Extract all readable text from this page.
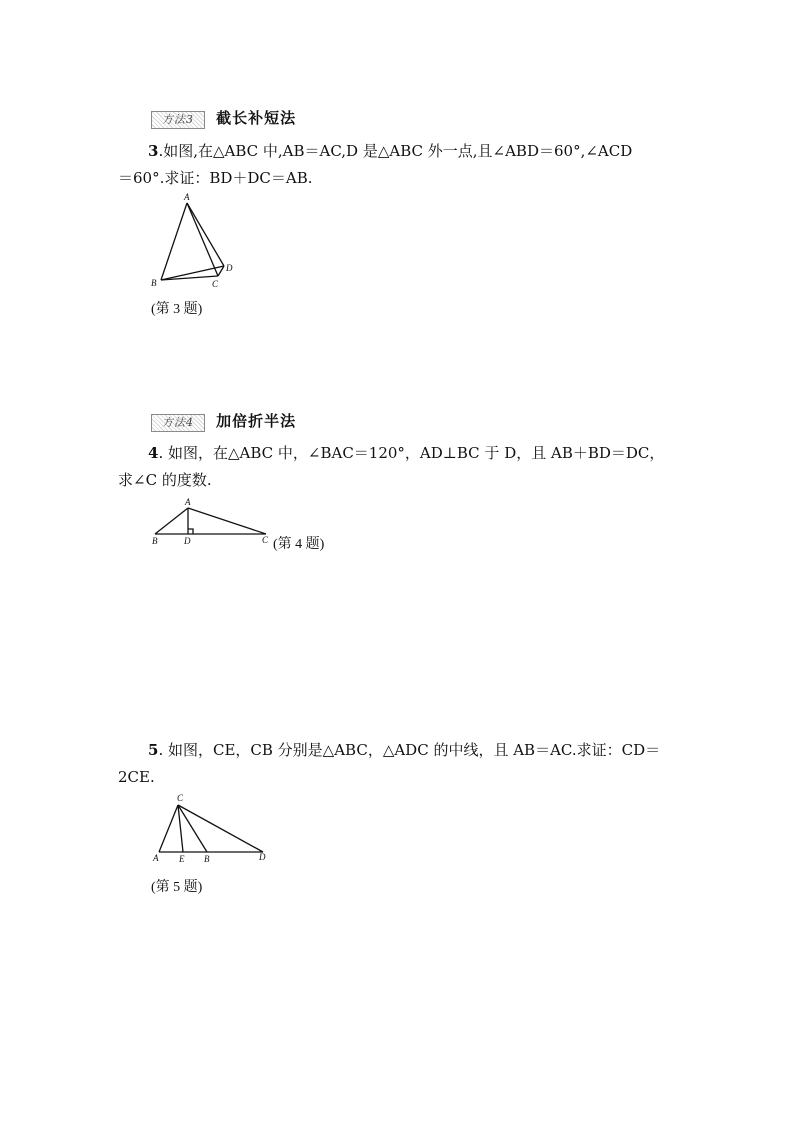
方法3 截长补短法
3.如图,在△ABC 中,AB＝AC,D 是△ABC 外一点,且∠ABD＝60°,∠ACD
＝60°.求证：BD＋DC＝AB.
A
B	C
D
(第 3 题)
方法4 加倍折半法
4. 如图，在△ABC 中，∠BAC＝120°，AD⊥BC 于 D，且 AB＋BD＝DC，
求∠C 的度数.
A
B	D	C (第 4 题)
5. 如图，CE，CB 分别是△ABC，△ADC 的中线，且 AB＝AC.求证：CD＝
2CE.
C
A E B	D
(第 5 题)
